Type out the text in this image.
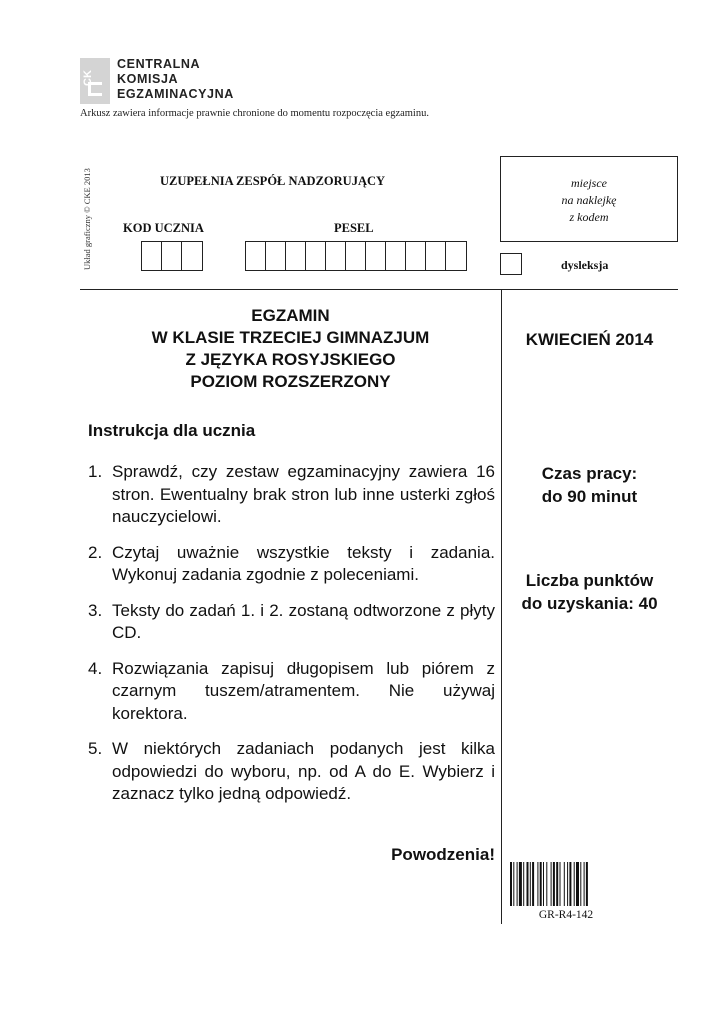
CK
CENTRALNA
KOMISJA
EGZAMINACYJNA
Arkusz zawiera informacje prawnie chronione do momentu rozpoczęcia egzaminu.
Układ graficzny © CKE 2013	UZUPEŁNIA ZESPÓŁ NADZORUJĄCY
KOD UCZNIA	PESEL
miejsce
na naklejkę
z kodem
dysleksja
EGZAMIN
W KLASIE TRZECIEJ GIMNAZJUM
Z JĘZYKA ROSYJSKIEGO
POZIOM ROZSZERZONY
KWIECIEŃ 2014
Instrukcja dla ucznia
1. Sprawdź, czy zestaw egzaminacyjny zawiera 16 stron. Ewentualny brak stron lub inne usterki zgłoś nauczycielowi.
2. Czytaj uważnie wszystkie teksty i zadania. Wykonuj zadania zgodnie z poleceniami.
3. Teksty do zadań 1. i 2. zostaną odtworzone z płyty CD.
4. Rozwiązania zapisuj długopisem lub piórem z czarnym tuszem/atramentem. Nie używaj korektora.
5. W niektórych zadaniach podanych jest kilka odpowiedzi do wyboru, np. od A do E. Wybierz i zaznacz tylko jedną odpowiedź.
Czas pracy:
do 90 minut
Liczba punktów
do uzyskania: 40
Powodzenia!
GR-R4-142
